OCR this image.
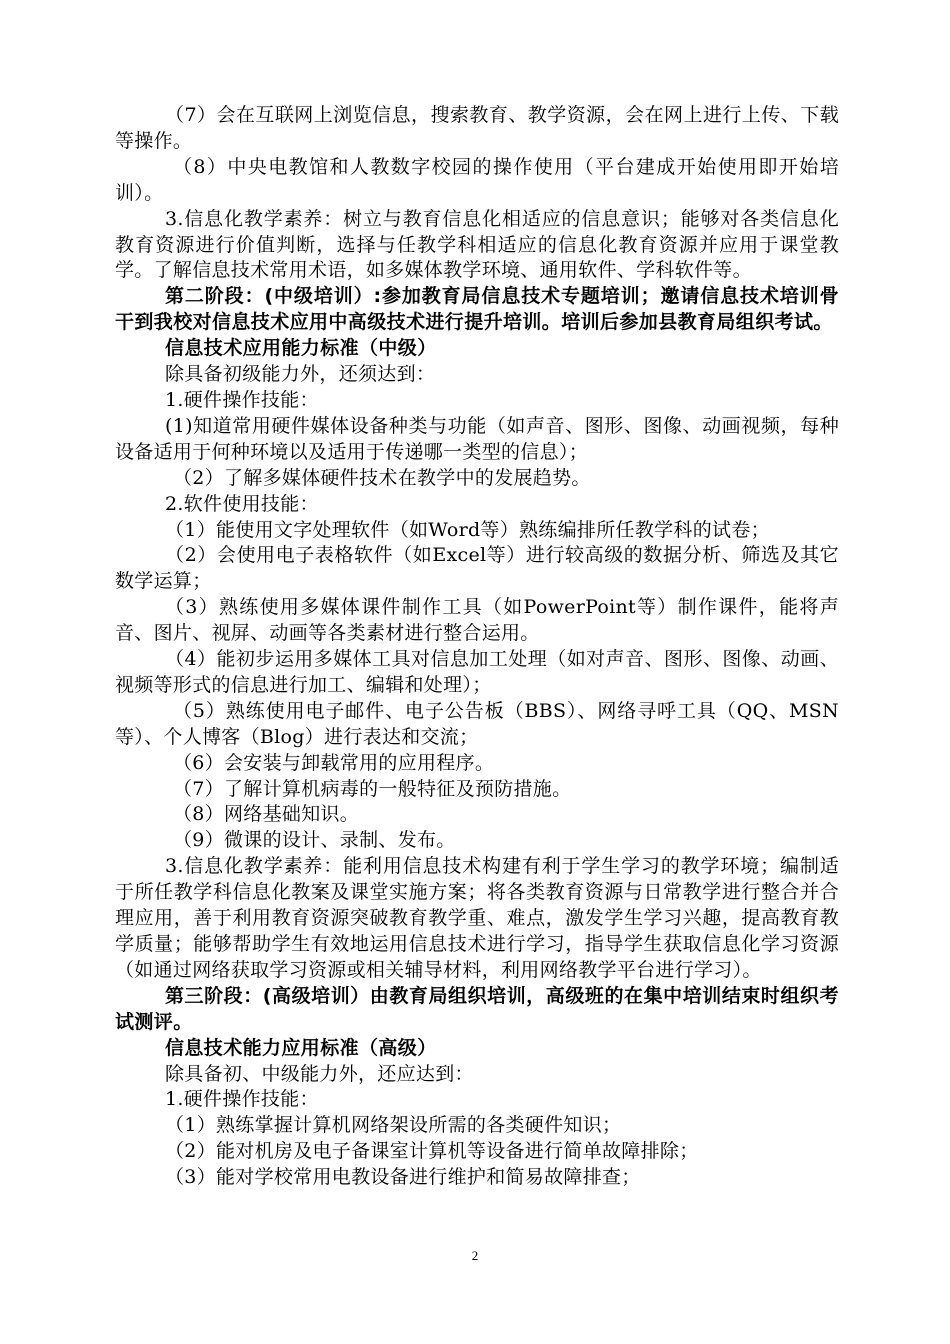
（7）会在互联网上浏览信息，搜索教育、教学资源，会在网上进行上传、下载等操作。

（8）中央电教馆和人教数字校园的操作使用（平台建成开始使用即开始培训）。

3.信息化教学素养：树立与教育信息化相适应的信息意识；能够对各类信息化教育资源进行价值判断，选择与任教学科相适应的信息化教育资源并应用于课堂教学。了解信息技术常用术语，如多媒体教学环境、通用软件、学科软件等。

第二阶段：(中级培训）:参加教育局信息技术专题培训；邀请信息技术培训骨干到我校对信息技术应用中高级技术进行提升培训。培训后参加县教育局组织考试。

信息技术应用能力标准（中级）

除具备初级能力外，还须达到：

1.硬件操作技能：

(1)知道常用硬件媒体设备种类与功能（如声音、图形、图像、动画视频，每种设备适用于何种环境以及适用于传递哪一类型的信息）；

（2）了解多媒体硬件技术在教学中的发展趋势。

2.软件使用技能：

（1）能使用文字处理软件（如Word等）熟练编排所任教学科的试卷；

（2）会使用电子表格软件（如Excel等）进行较高级的数据分析、筛选及其它数学运算；

（3）熟练使用多媒体课件制作工具（如PowerPoint等）制作课件，能将声音、图片、视屏、动画等各类素材进行整合运用。

（4）能初步运用多媒体工具对信息加工处理（如对声音、图形、图像、动画、视频等形式的信息进行加工、编辑和处理）；

（5）熟练使用电子邮件、电子公告板（BBS）、网络寻呼工具（QQ、MSN等）、个人博客（Blog）进行表达和交流；

（6）会安装与卸载常用的应用程序。

（7）了解计算机病毒的一般特征及预防措施。

（8）网络基础知识。

（9）微课的设计、录制、发布。

3.信息化教学素养：能利用信息技术构建有利于学生学习的教学环境；编制适于所任教学科信息化教案及课堂实施方案；将各类教育资源与日常教学进行整合并合理应用，善于利用教育资源突破教育教学重、难点，激发学生学习兴趣，提高教育教学质量；能够帮助学生有效地运用信息技术进行学习，指导学生获取信息化学习资源（如通过网络获取学习资源或相关辅导材料，利用网络教学平台进行学习）。

第三阶段：(高级培训）由教育局组织培训，高级班的在集中培训结束时组织考试测评。

信息技术能力应用标准（高级）

除具备初、中级能力外，还应达到：

1.硬件操作技能：

（1）熟练掌握计算机网络架设所需的各类硬件知识；

（2）能对机房及电子备课室计算机等设备进行简单故障排除；

（3）能对学校常用电教设备进行维护和简易故障排查；

2
